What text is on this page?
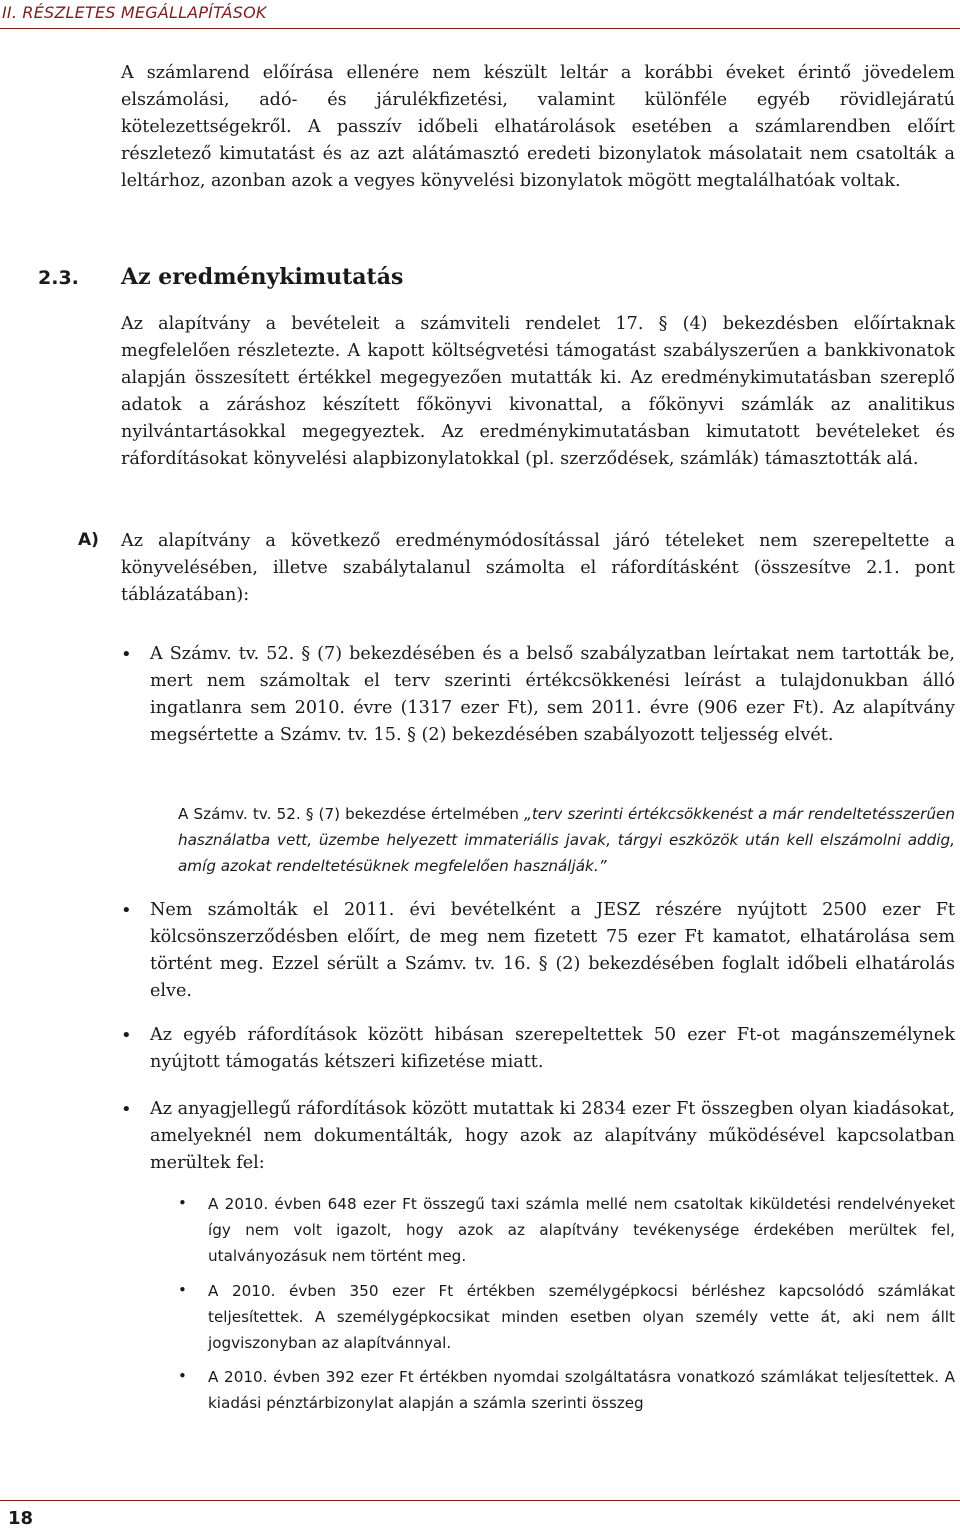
II. RÉSZLETES MEGÁLLAPÍTÁSOK
A számlarend előírása ellenére nem készült leltár a korábbi éveket érintő jövedelem elszámolási, adó- és járulékfizetési, valamint különféle egyéb rövidlejáratú kötelezettségekről. A passzív időbeli elhatárolások esetében a számlarendben előírt részletező kimutatást és az azt alátámasztó eredeti bizonylatok másolatait nem csatolták a leltárhoz, azonban azok a vegyes könyvelési bizonylatok mögött megtalálhatóak voltak.
2.3. Az eredménykimutatás
Az alapítvány a bevételeit a számviteli rendelet 17. § (4) bekezdésben előírtaknak megfelelően részletezte. A kapott költségvetési támogatást szabályszerűen a bankkivonatok alapján összesített értékkel megegyezően mutatták ki. Az eredménykimutatásban szereplő adatok a záráshoz készített főkönyvi kivonattal, a főkönyvi számlák az analitikus nyilvántartásokkal megegyeztek. Az eredménykimutatásban kimutatott bevételeket és ráfordításokat könyvelési alapbizonylatokkal (pl. szerződések, számlák) támasztották alá.
A) Az alapítvány a következő eredménymódosítással járó tételeket nem szerepeltette a könyvelésében, illetve szabálytalanul számolta el ráfordításként (összesítve 2.1. pont táblázatában):
• A Számv. tv. 52. § (7) bekezdésében és a belső szabályzatban leírtakat nem tartották be, mert nem számoltak el terv szerinti értékcsökkenési leírást a tulajdonukban álló ingatlanra sem 2010. évre (1317 ezer Ft), sem 2011. évre (906 ezer Ft). Az alapítvány megsértette a Számv. tv. 15. § (2) bekezdésében szabályozott teljesség elvét.
A Számv. tv. 52. § (7) bekezdése értelmében „terv szerinti értékcsökkenést a már rendeltetésszerűen használatba vett, üzembe helyezett immateriális javak, tárgyi eszközök után kell elszámolni addig, amíg azokat rendeltetésüknek megfelelően használják.”
• Nem számolták el 2011. évi bevételként a JESZ részére nyújtott 2500 ezer Ft kölcsönszerződésben előírt, de meg nem fizetett 75 ezer Ft kamatot, elhatárolása sem történt meg. Ezzel sérült a Számv. tv. 16. § (2) bekezdésében foglalt időbeli elhatárolás elve.
• Az egyéb ráfordítások között hibásan szerepeltettek 50 ezer Ft-ot magánszemélynek nyújtott támogatás kétszeri kifizetése miatt.
• Az anyagjellegű ráfordítások között mutattak ki 2834 ezer Ft összegben olyan kiadásokat, amelyeknél nem dokumentálták, hogy azok az alapítvány működésével kapcsolatban merültek fel:
• A 2010. évben 648 ezer Ft összegű taxi számla mellé nem csatoltak kiküldetési rendelvényeket így nem volt igazolt, hogy azok az alapítvány tevékenysége érdekében merültek fel, utalványozásuk nem történt meg.
• A 2010. évben 350 ezer Ft értékben személygépkocsi bérléshez kapcsolódó számlákat teljesítettek. A személygépkocsikat minden esetben olyan személy vette át, aki nem állt jogviszonyban az alapítvánnyal.
• A 2010. évben 392 ezer Ft értékben nyomdai szolgáltatásra vonatkozó számlákat teljesítettek. A kiadási pénztárbizonylat alapján a számla szerinti összeg
18
